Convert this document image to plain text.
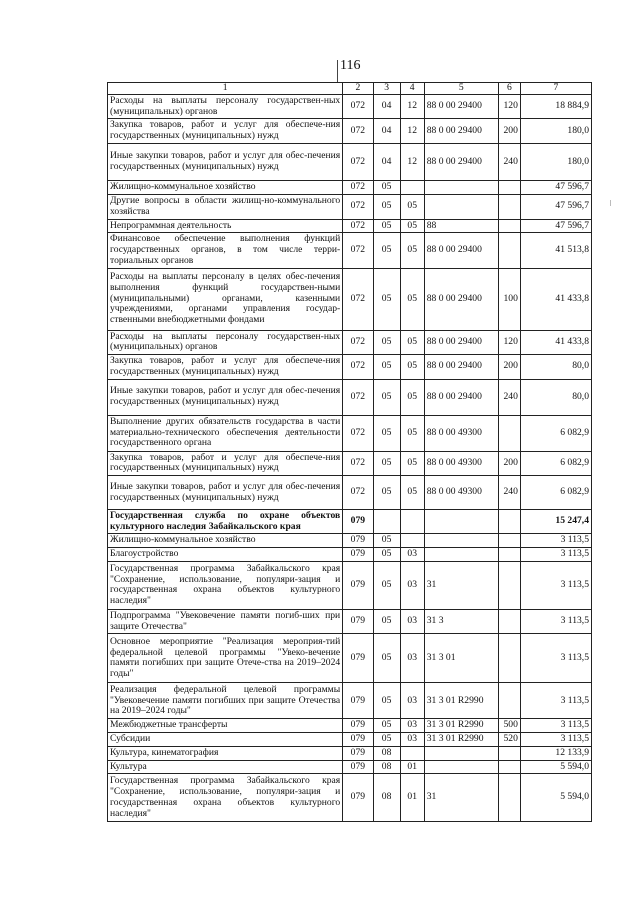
116
1	2	3	4	5	6	7
Расходы на выплаты персоналу государствен-ных (муниципальных) органов	072	04	12	88 0 00 29400	120	18 884,9
Закупка товаров, работ и услуг для обеспече-ния государственных (муниципальных) нужд	072	04	12	88 0 00 29400	200	180,0
Иные закупки товаров, работ и услуг для обес-печения государственных (муниципальных) нужд	072	04	12	88 0 00 29400	240	180,0
Жилищно-коммунальное хозяйство	072	05				47 596,7
Другие вопросы в области жилищ-но-коммунального хозяйства	072	05	05			47 596,7
Непрограммная деятельность	072	05	05	88		47 596,7
Финансовое обеспечение выполнения функций государственных органов, в том числе терри-ториальных органов	072	05	05	88 0 00 29400		41 513,8
Расходы на выплаты персоналу в целях обес-печения выполнения функций государствен-ными (муниципальными) органами, казенными учреждениями, органами управления государ-ственными внебюджетными фондами	072	05	05	88 0 00 29400	100	41 433,8
Расходы на выплаты персоналу государствен-ных (муниципальных) органов	072	05	05	88 0 00 29400	120	41 433,8
Закупка товаров, работ и услуг для обеспече-ния государственных (муниципальных) нужд	072	05	05	88 0 00 29400	200	80,0
Иные закупки товаров, работ и услуг для обес-печения государственных (муниципальных) нужд	072	05	05	88 0 00 29400	240	80,0
Выполнение других обязательств государства в части материально-технического обеспечения деятельности государственного органа	072	05	05	88 0 00 49300		6 082,9
Закупка товаров, работ и услуг для обеспече-ния государственных (муниципальных) нужд	072	05	05	88 0 00 49300	200	6 082,9
Иные закупки товаров, работ и услуг для обес-печения государственных (муниципальных) нужд	072	05	05	88 0 00 49300	240	6 082,9
Государственная служба по охране объектов культурного наследия Забайкальского края	079					15 247,4
Жилищно-коммунальное хозяйство	079	05				3 113,5
Благоустройство	079	05	03			3 113,5
Государственная программа Забайкальского края "Сохранение, использование, популяри-зация и государственная охрана объектов культурного наследия"	079	05	03	31		3 113,5
Подпрограмма "Увековечение памяти погиб-ших при защите Отечества"	079	05	03	31 3		3 113,5
Основное мероприятие "Реализация мероприя-тий федеральной целевой программы "Увеко-вечение памяти погибших при защите Отече-ства на 2019–2024 годы"	079	05	03	31 3 01		3 113,5
Реализация федеральной целевой программы "Увековечение памяти погибших при защите Отечества на 2019–2024 годы"	079	05	03	31 3 01 R2990		3 113,5
Межбюджетные трансферты	079	05	03	31 3 01 R2990	500	3 113,5
Субсидии	079	05	03	31 3 01 R2990	520	3 113,5
Культура, кинематография	079	08				12 133,9
Культура	079	08	01			5 594,0
Государственная программа Забайкальского края "Сохранение, использование, популяри-зация и государственная охрана объектов культурного наследия"	079	08	01	31		5 594,0
